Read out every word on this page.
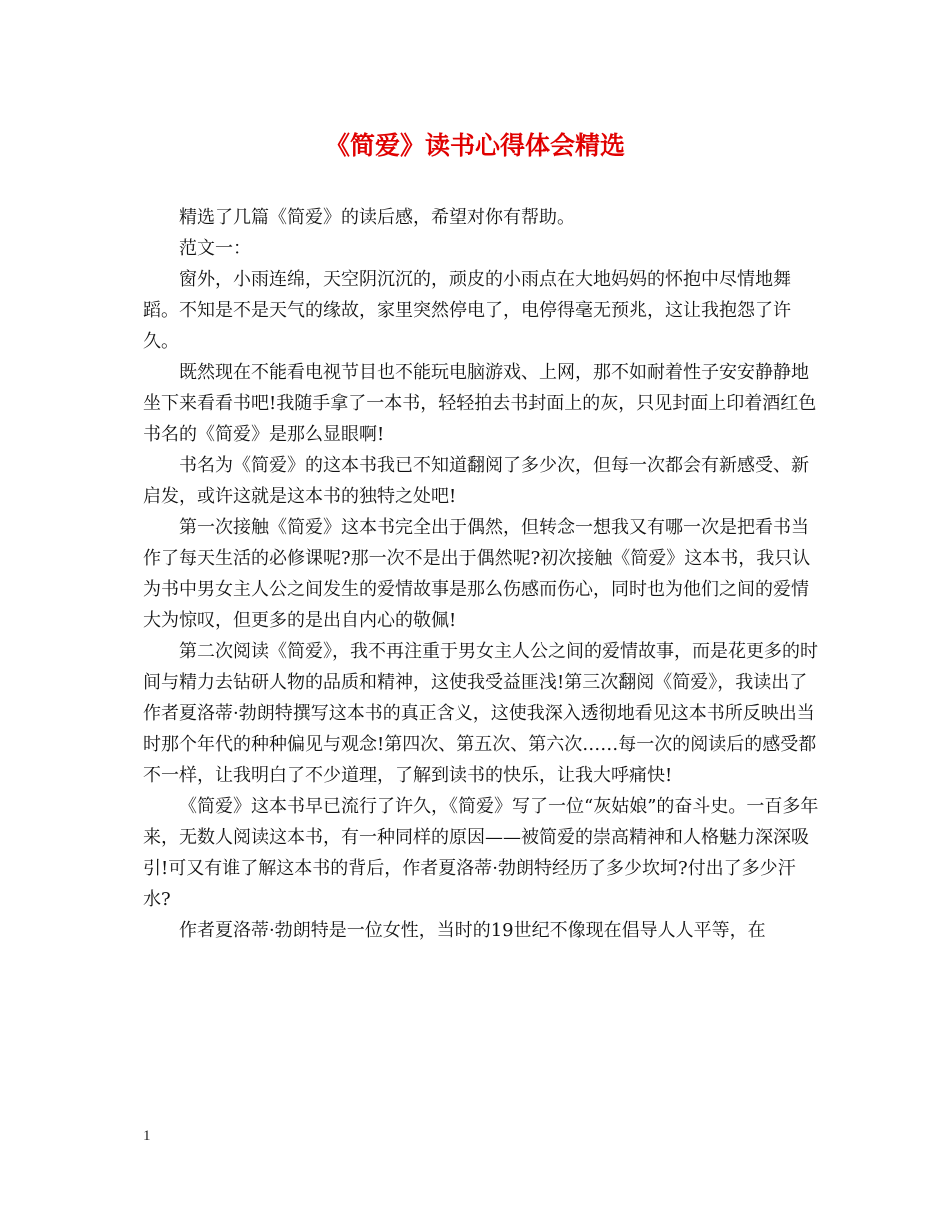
《简爱》读书心得体会精选

精选了几篇《简爱》的读后感，希望对你有帮助。

范文一：

窗外，小雨连绵，天空阴沉沉的，顽皮的小雨点在大地妈妈的怀抱中尽情地舞蹈。不知是不是天气的缘故，家里突然停电了，电停得毫无预兆，这让我抱怨了许久。

既然现在不能看电视节目也不能玩电脑游戏、上网，那不如耐着性子安安静静地坐下来看看书吧!我随手拿了一本书，轻轻拍去书封面上的灰，只见封面上印着酒红色书名的《简爱》是那么显眼啊!

书名为《简爱》的这本书我已不知道翻阅了多少次，但每一次都会有新感受、新启发，或许这就是这本书的独特之处吧!

第一次接触《简爱》这本书完全出于偶然，但转念一想我又有哪一次是把看书当作了每天生活的必修课呢?那一次不是出于偶然呢?初次接触《简爱》这本书，我只认为书中男女主人公之间发生的爱情故事是那么伤感而伤心，同时也为他们之间的爱情大为惊叹，但更多的是出自内心的敬佩!

第二次阅读《简爱》，我不再注重于男女主人公之间的爱情故事，而是花更多的时间与精力去钻研人物的品质和精神，这使我受益匪浅!第三次翻阅《简爱》，我读出了作者夏洛蒂·勃朗特撰写这本书的真正含义，这使我深入透彻地看见这本书所反映出当时那个年代的种种偏见与观念!第四次、第五次、第六次……每一次的阅读后的感受都不一样，让我明白了不少道理，了解到读书的快乐，让我大呼痛快!

《简爱》这本书早已流行了许久，《简爱》写了一位“灰姑娘”的奋斗史。一百多年来，无数人阅读这本书，有一种同样的原因——被简爱的崇高精神和人格魅力深深吸引!可又有谁了解这本书的背后，作者夏洛蒂·勃朗特经历了多少坎坷?付出了多少汗水?

作者夏洛蒂·勃朗特是一位女性，当时的19世纪不像现在倡导人人平等，在

1
